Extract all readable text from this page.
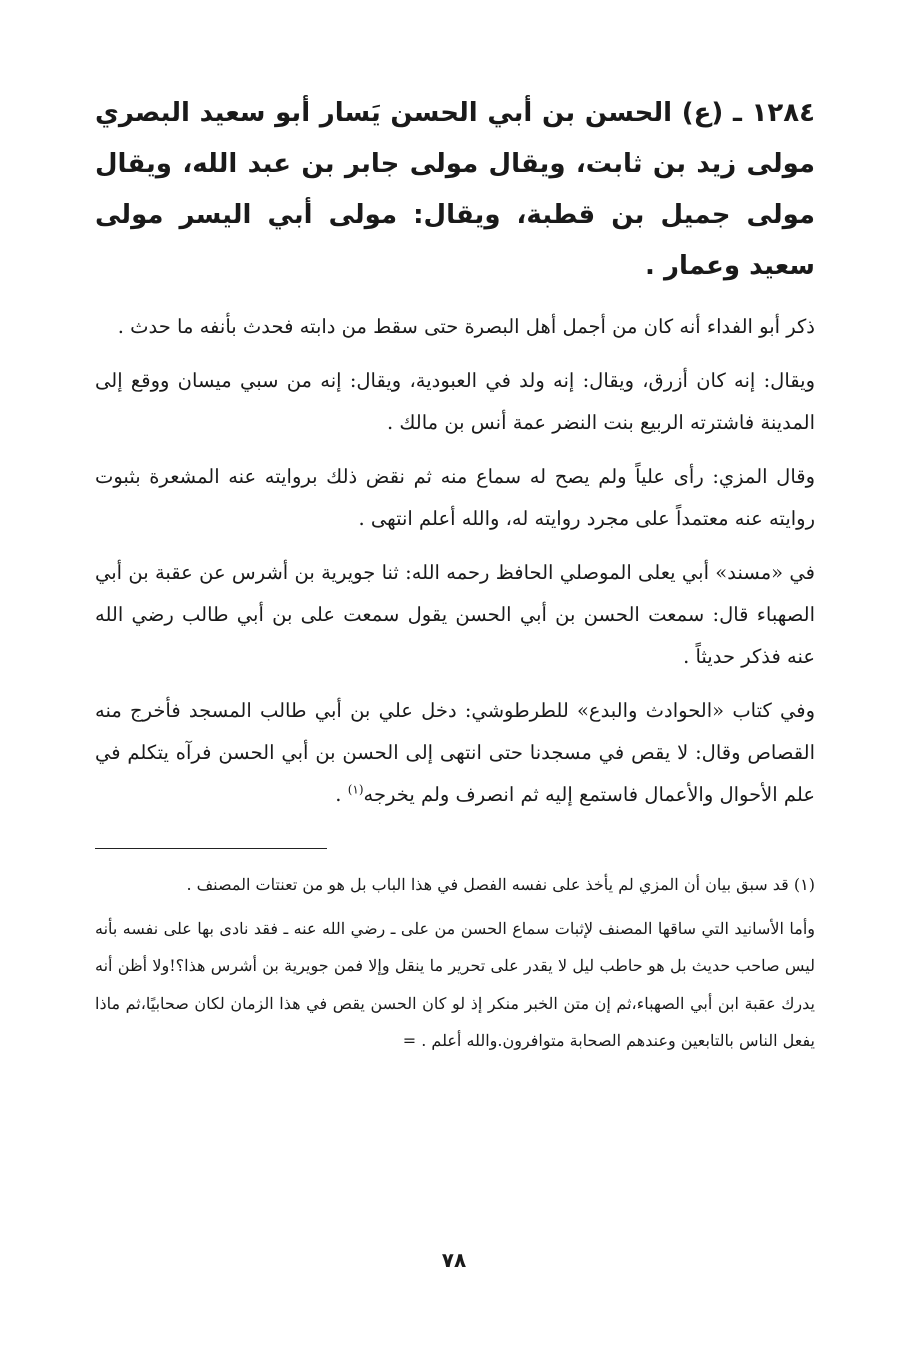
١٢٨٤ ـ (ع) الحسن بن أبي الحسن يَسار أبو سعيد البصري مولى زيد بن ثابت، ويقال مولى جابر بن عبد الله، ويقال مولى جميل بن قطبة، ويقال: مولى أبي اليسر مولى سعيد وعمار .

ذكر أبو الفداء أنه كان من أجمل أهل البصرة حتى سقط من دابته فحدث بأنفه ما حدث .

ويقال: إنه كان أزرق، ويقال: إنه ولد في العبودية، ويقال: إنه من سبي ميسان ووقع إلى المدينة فاشترته الربيع بنت النضر عمة أنس بن مالك .

وقال المزي: رأى علياً ولم يصح له سماع منه ثم نقض ذلك بروايته عنه المشعرة بثبوت روايته عنه معتمداً على مجرد روايته له، والله أعلم انتهى .

في «مسند» أبي يعلى الموصلي الحافظ رحمه الله: ثنا جويرية بن أشرس عن عقبة بن أبي الصهباء قال: سمعت الحسن بن أبي الحسن يقول سمعت على بن أبي طالب رضي الله عنه فذكر حديثاً .

وفي كتاب «الحوادث والبدع» للطرطوشي: دخل علي بن أبي طالب المسجد فأخرج منه القصاص وقال: لا يقص في مسجدنا حتى انتهى إلى الحسن بن أبي الحسن فرآه يتكلم في علم الأحوال والأعمال فاستمع إليه ثم انصرف ولم يخرجه$^{(١)}$ .

(١) قد سبق بيان أن المزي لم يأخذ على نفسه الفصل في هذا الباب بل هو من تعنتات المصنف .

وأما الأسانيد التي ساقها المصنف لإثبات سماع الحسن من على ـ رضي الله عنه ـ فقد نادى بها على نفسه بأنه ليس صاحب حديث بل هو حاطب ليل لا يقدر على تحرير ما ينقل وإلا فمن جويرية بن أشرس هذا؟!ولا أظن أنه يدرك عقبة ابن أبي الصهباء،ثم إن متن الخبر منكر إذ لو كان الحسن يقص في هذا الزمان لكان صحابيًا،ثم ماذا يفعل الناس بالتابعين وعندهم الصحابة متوافرون.والله أعلم . =

٧٨
